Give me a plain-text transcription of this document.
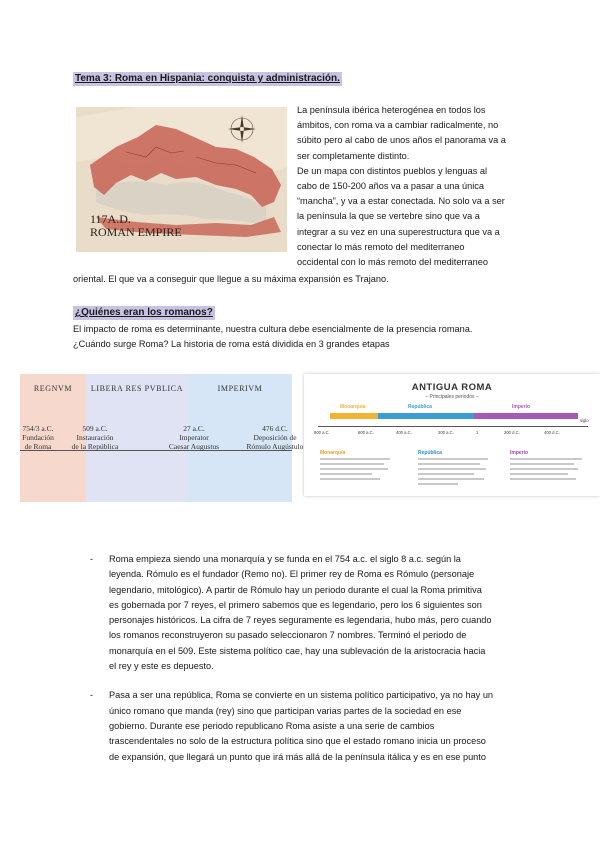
Tema 3: Roma en Hispania: conquista y administración.
117A.D.
ROMAN EMPIRE
La península ibérica heterogénea en todos los
ámbitos, con roma va a cambiar radicalmente, no
súbito pero al cabo de unos años el panorama va a
ser completamente distinto.
De un mapa con distintos pueblos y lenguas al
cabo de 150-200 años va a pasar a una única
“mancha”, y va a estar conectada. No solo va a ser
la península la que se vertebre sino que va a
integrar a su vez en una superestructura que va a
conectar lo más remoto del mediterraneo
occidental con lo más remoto del mediterraneo
oriental. El que va a conseguir que llegue a su máxima expansión es Trajano.
¿Quiénes eran los romanos?
El impacto de roma es determinante, nuestra cultura debe esencialmente de la presencia romana.
¿Cuándo surge Roma? La historia de roma está dividida en 3 grandes etapas
REGNVM	LIBERA RES PVBLICA	IMPERIVM
754/3 a.C.
Fundación
de Roma
509 a.C.
Instauración
de la República
27 a.C.
Imperator
Caesar Augustus
476 d.C.
Deposición de
Rómulo Augústulo
ANTIGUA ROMA
– Principales periodos –
Monarquía	República	Imperio
800 a.C.	600 a.C.	400 a.C.	200 a.C.	1	200 d.C.	400 d.C.
siglo
Monarquía	República	Imperio
- Roma empieza siendo una monarquía y se funda en el 754 a.c. el siglo 8 a.c. según la
leyenda. Rómulo es el fundador (Remo no). El primer rey de Roma es Rómulo (personaje
legendario, mitológico). A partir de Rómulo hay un periodo durante el cual la Roma primitiva
es gobernada por 7 reyes, el primero sabemos que es legendario, pero los 6 siguientes son
personajes históricos. La cifra de 7 reyes seguramente es legendaria, hubo más, pero cuando
los romanos reconstruyeron su pasado seleccionaron 7 nombres. Terminó el periodo de
monarquía en el 509. Este sistema político cae, hay una sublevación de la aristocracia hacia
el rey y este es depuesto.
- Pasa a ser una república, Roma se convierte en un sistema político participativo, ya no hay un
único romano que manda (rey) sino que participan varias partes de la sociedad en ese
gobierno. Durante ese periodo republicano Roma asiste a una serie de cambios
trascendentales no solo de la estructura política sino que el estado romano inicia un proceso
de expansión, que llegará un punto que irá más allá de la península itálica y es en ese punto
